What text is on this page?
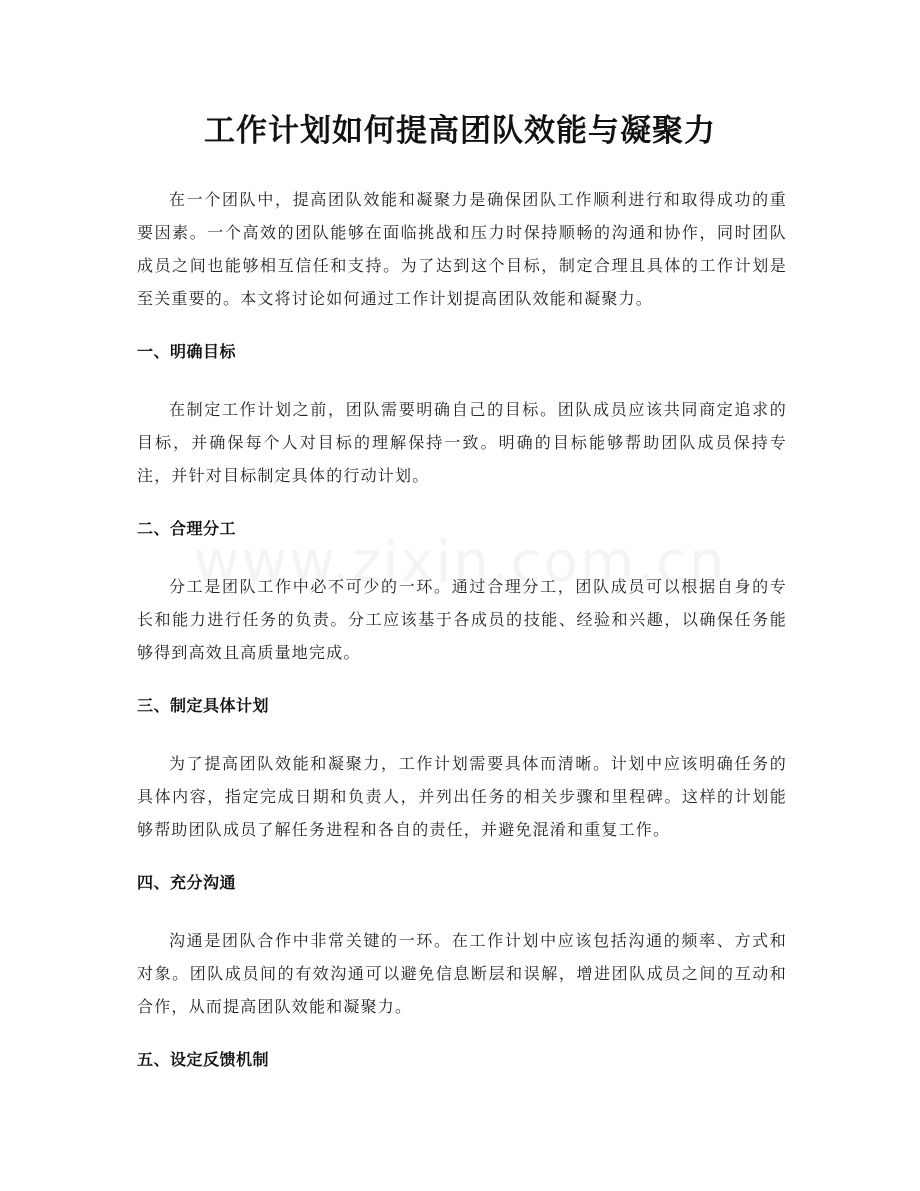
工作计划如何提高团队效能与凝聚力

在一个团队中，提高团队效能和凝聚力是确保团队工作顺利进行和取得成功的重要因素。一个高效的团队能够在面临挑战和压力时保持顺畅的沟通和协作，同时团队成员之间也能够相互信任和支持。为了达到这个目标，制定合理且具体的工作计划是至关重要的。本文将讨论如何通过工作计划提高团队效能和凝聚力。

一、明确目标

在制定工作计划之前，团队需要明确自己的目标。团队成员应该共同商定追求的目标，并确保每个人对目标的理解保持一致。明确的目标能够帮助团队成员保持专注，并针对目标制定具体的行动计划。

二、合理分工

分工是团队工作中必不可少的一环。通过合理分工，团队成员可以根据自身的专长和能力进行任务的负责。分工应该基于各成员的技能、经验和兴趣，以确保任务能够得到高效且高质量地完成。

三、制定具体计划

为了提高团队效能和凝聚力，工作计划需要具体而清晰。计划中应该明确任务的具体内容，指定完成日期和负责人，并列出任务的相关步骤和里程碑。这样的计划能够帮助团队成员了解任务进程和各自的责任，并避免混淆和重复工作。

四、充分沟通

沟通是团队合作中非常关键的一环。在工作计划中应该包括沟通的频率、方式和对象。团队成员间的有效沟通可以避免信息断层和误解，增进团队成员之间的互动和合作，从而提高团队效能和凝聚力。

五、设定反馈机制
